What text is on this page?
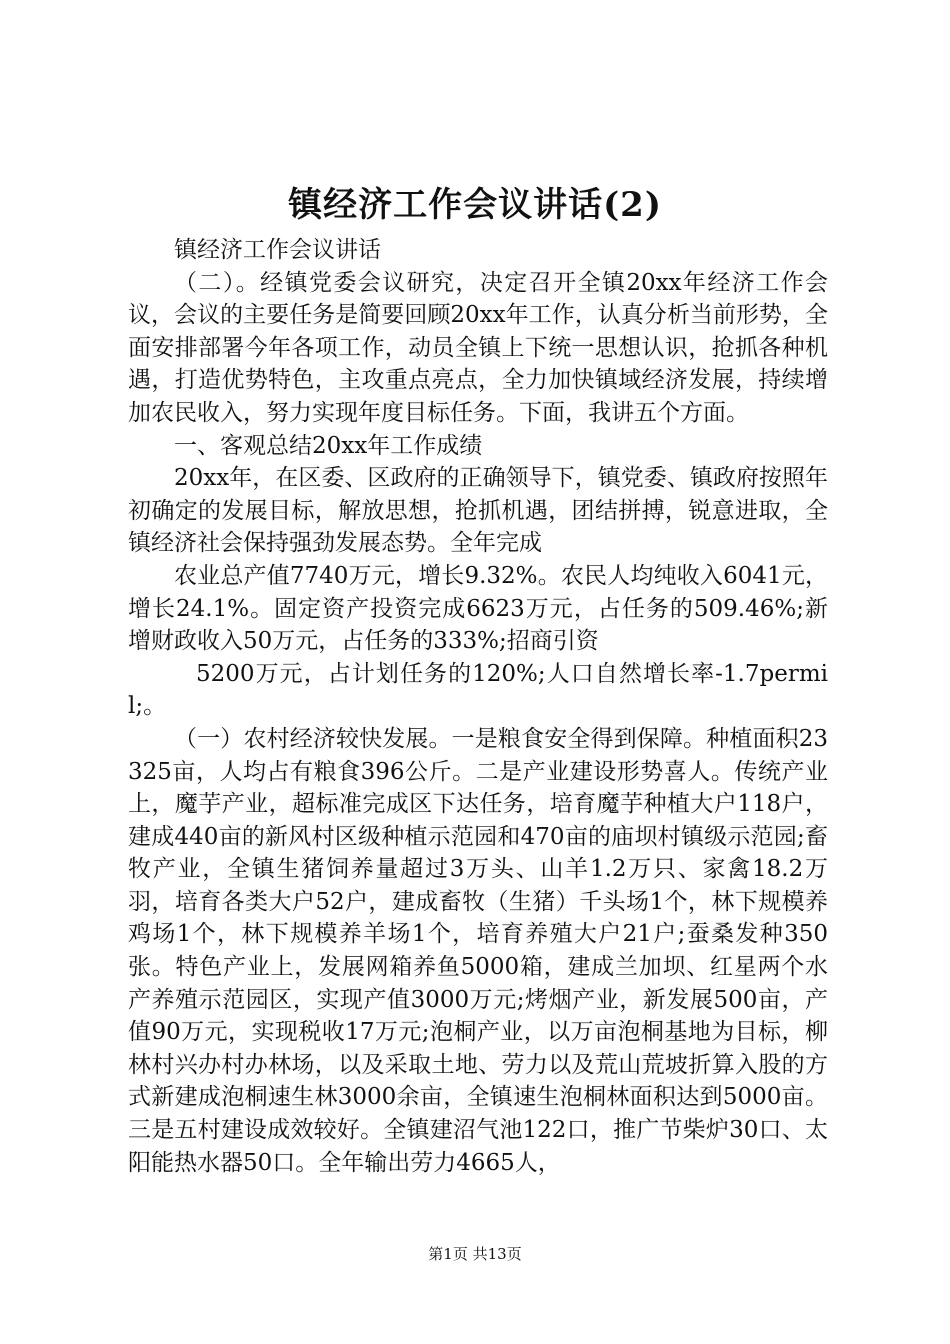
镇经济工作会议讲话(2)

镇经济工作会议讲话

（二）。经镇党委会议研究，决定召开全镇20xx年经济工作会议，会议的主要任务是简要回顾20xx年工作，认真分析当前形势，全面安排部署今年各项工作，动员全镇上下统一思想认识，抢抓各种机遇，打造优势特色，主攻重点亮点，全力加快镇域经济发展，持续增加农民收入，努力实现年度目标任务。下面，我讲五个方面。

一、客观总结20xx年工作成绩

20xx年，在区委、区政府的正确领导下，镇党委、镇政府按照年初确定的发展目标，解放思想，抢抓机遇，团结拼搏，锐意进取，全镇经济社会保持强劲发展态势。全年完成

农业总产值7740万元，增长9.32%。农民人均纯收入6041元，增长24.1%。固定资产投资完成6623万元，占任务的509.46%;新增财政收入50万元，占任务的333%;招商引资

5200万元，占计划任务的120%;人口自然增长率-1.7permil;。

（一）农村经济较快发展。一是粮食安全得到保障。种植面积23325亩，人均占有粮食396公斤。二是产业建设形势喜人。传统产业上，魔芋产业，超标准完成区下达任务，培育魔芋种植大户118户，建成440亩的新风村区级种植示范园和470亩的庙坝村镇级示范园;畜牧产业，全镇生猪饲养量超过3万头、山羊1.2万只、家禽18.2万羽，培育各类大户52户，建成畜牧（生猪）千头场1个，林下规模养鸡场1个，林下规模养羊场1个，培育养殖大户21户;蚕桑发种350张。特色产业上，发展网箱养鱼5000箱，建成兰加坝、红星两个水产养殖示范园区，实现产值3000万元;烤烟产业，新发展500亩，产值90万元，实现税收17万元;泡桐产业，以万亩泡桐基地为目标，柳林村兴办村办林场，以及采取土地、劳力以及荒山荒坡折算入股的方式新建成泡桐速生林3000余亩，全镇速生泡桐林面积达到5000亩。三是五村建设成效较好。全镇建沼气池122口，推广节柴炉30口、太阳能热水器50口。全年输出劳力4665人，

第1页 共13页
